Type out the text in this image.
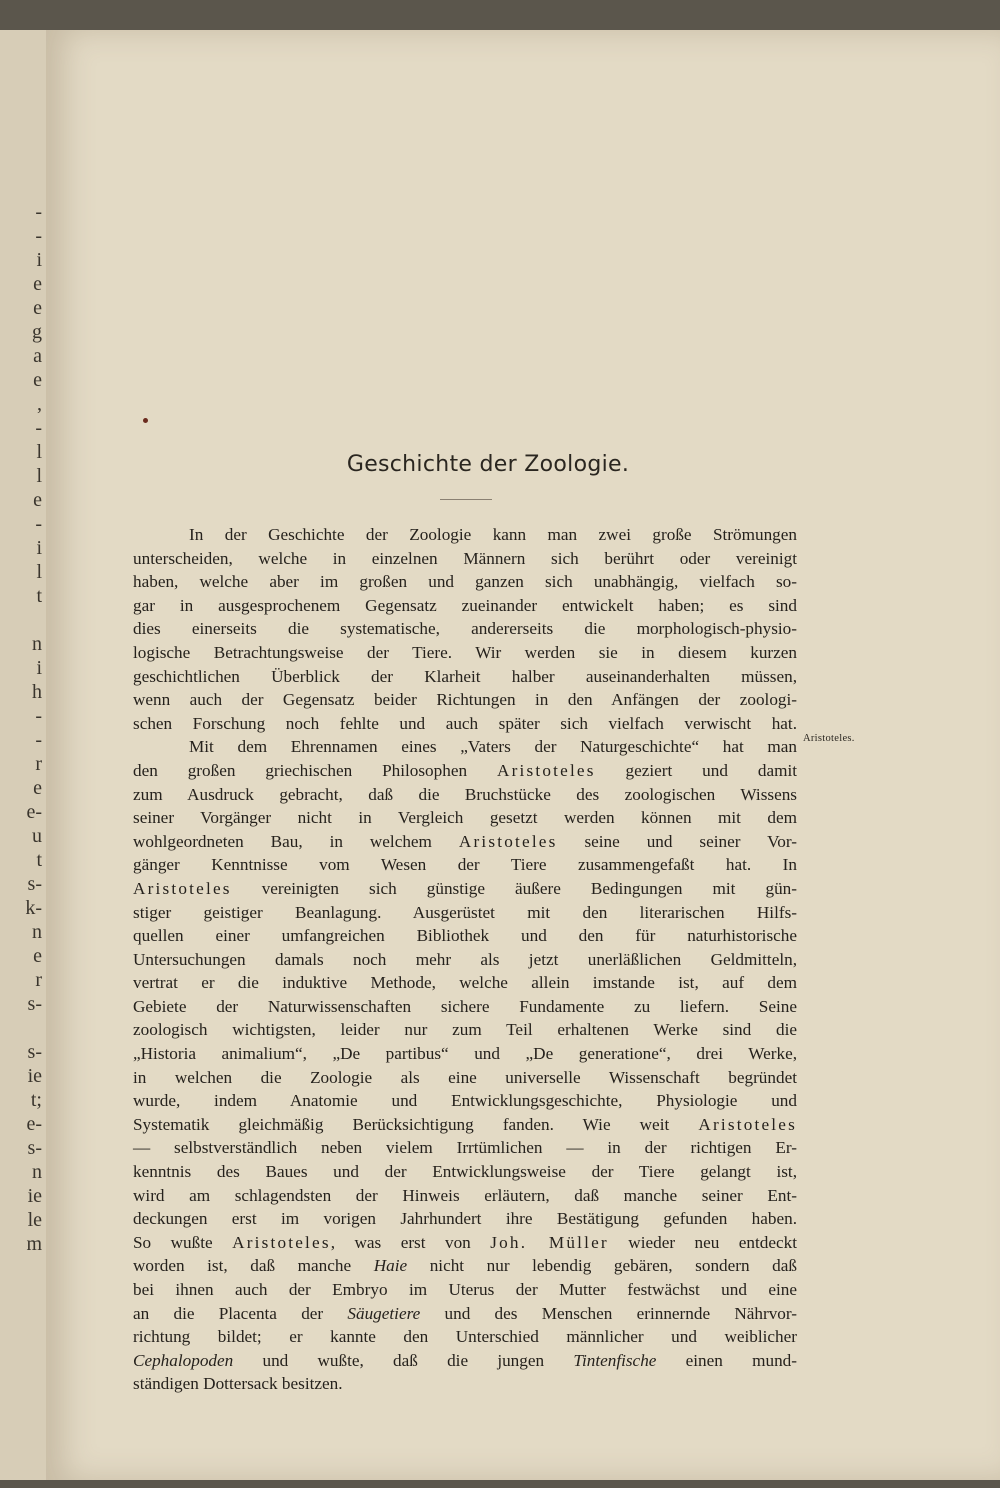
-
-
i
e
e
g
a
e
,
-
l
l
e
-
i
l
t
n
i
h
-
-
r
e
e-
u
t
s-
k-
n
e
r
s-
s-
ie
t;
e-
s-
n
ie
le
m
Geschichte der Zoologie.
In der Geschichte der Zoologie kann man zwei große Strömungen
unterscheiden, welche in einzelnen Männern sich berührt oder vereinigt
haben, welche aber im großen und ganzen sich unabhängig, vielfach so-
gar in ausgesprochenem Gegensatz zueinander entwickelt haben; es sind
dies einerseits die systematische, andererseits die morphologisch-physio-
logische Betrachtungsweise der Tiere. Wir werden sie in diesem kurzen
geschichtlichen Überblick der Klarheit halber auseinanderhalten müssen,
wenn auch der Gegensatz beider Richtungen in den Anfängen der zoologi-
schen Forschung noch fehlte und auch später sich vielfach verwischt hat.
Mit dem Ehrennamen eines „Vaters der Naturgeschichte“ hat man
den großen griechischen Philosophen Aristoteles geziert und damit
zum Ausdruck gebracht, daß die Bruchstücke des zoologischen Wissens
seiner Vorgänger nicht in Vergleich gesetzt werden können mit dem
wohlgeordneten Bau, in welchem Aristoteles seine und seiner Vor-
gänger Kenntnisse vom Wesen der Tiere zusammengefaßt hat. In
Aristoteles vereinigten sich günstige äußere Bedingungen mit gün-
stiger geistiger Beanlagung. Ausgerüstet mit den literarischen Hilfs-
quellen einer umfangreichen Bibliothek und den für naturhistorische
Untersuchungen damals noch mehr als jetzt unerläßlichen Geldmitteln,
vertrat er die induktive Methode, welche allein imstande ist, auf dem
Gebiete der Naturwissenschaften sichere Fundamente zu liefern. Seine
zoologisch wichtigsten, leider nur zum Teil erhaltenen Werke sind die
„Historia animalium“, „De partibus“ und „De generatione“, drei Werke,
in welchen die Zoologie als eine universelle Wissenschaft begründet
wurde, indem Anatomie und Entwicklungsgeschichte, Physiologie und
Systematik gleichmäßig Berücksichtigung fanden. Wie weit Aristoteles
— selbstverständlich neben vielem Irrtümlichen — in der richtigen Er-
kenntnis des Baues und der Entwicklungsweise der Tiere gelangt ist,
wird am schlagendsten der Hinweis erläutern, daß manche seiner Ent-
deckungen erst im vorigen Jahrhundert ihre Bestätigung gefunden haben.
So wußte Aristoteles, was erst von Joh. Müller wieder neu entdeckt
worden ist, daß manche Haie nicht nur lebendig gebären, sondern daß
bei ihnen auch der Embryo im Uterus der Mutter festwächst und eine
an die Placenta der Säugetiere und des Menschen erinnernde Nährvor-
richtung bildet; er kannte den Unterschied männlicher und weiblicher
Cephalopoden und wußte, daß die jungen Tintenfische einen mund-
ständigen Dottersack besitzen.
Aristoteles.
